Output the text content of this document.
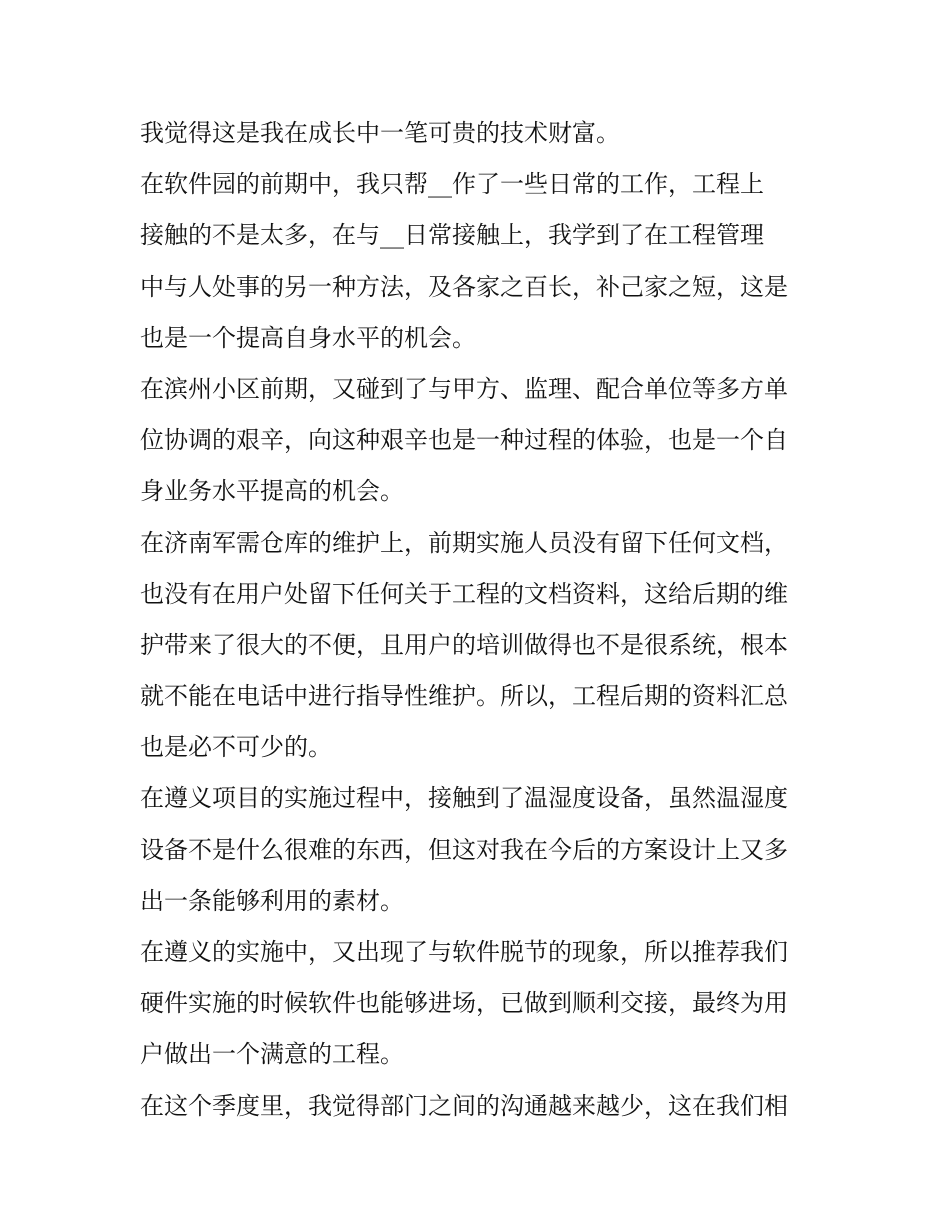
我觉得这是我在成长中一笔可贵的技术财富。
在软件园的前期中，我只帮__作了一些日常的工作，工程上
接触的不是太多，在与__日常接触上，我学到了在工程管理
中与人处事的另一种方法，及各家之百长，补己家之短，这是
也是一个提高自身水平的机会。
在滨州小区前期，又碰到了与甲方、监理、配合单位等多方单
位协调的艰辛，向这种艰辛也是一种过程的体验，也是一个自
身业务水平提高的机会。
在济南军需仓库的维护上，前期实施人员没有留下任何文档，
也没有在用户处留下任何关于工程的文档资料，这给后期的维
护带来了很大的不便，且用户的培训做得也不是很系统，根本
就不能在电话中进行指导性维护。所以，工程后期的资料汇总
也是必不可少的。
在遵义项目的实施过程中，接触到了温湿度设备，虽然温湿度
设备不是什么很难的东西，但这对我在今后的方案设计上又多
出一条能够利用的素材。
在遵义的实施中，又出现了与软件脱节的现象，所以推荐我们
硬件实施的时候软件也能够进场，已做到顺利交接，最终为用
户做出一个满意的工程。
在这个季度里，我觉得部门之间的沟通越来越少，这在我们相
